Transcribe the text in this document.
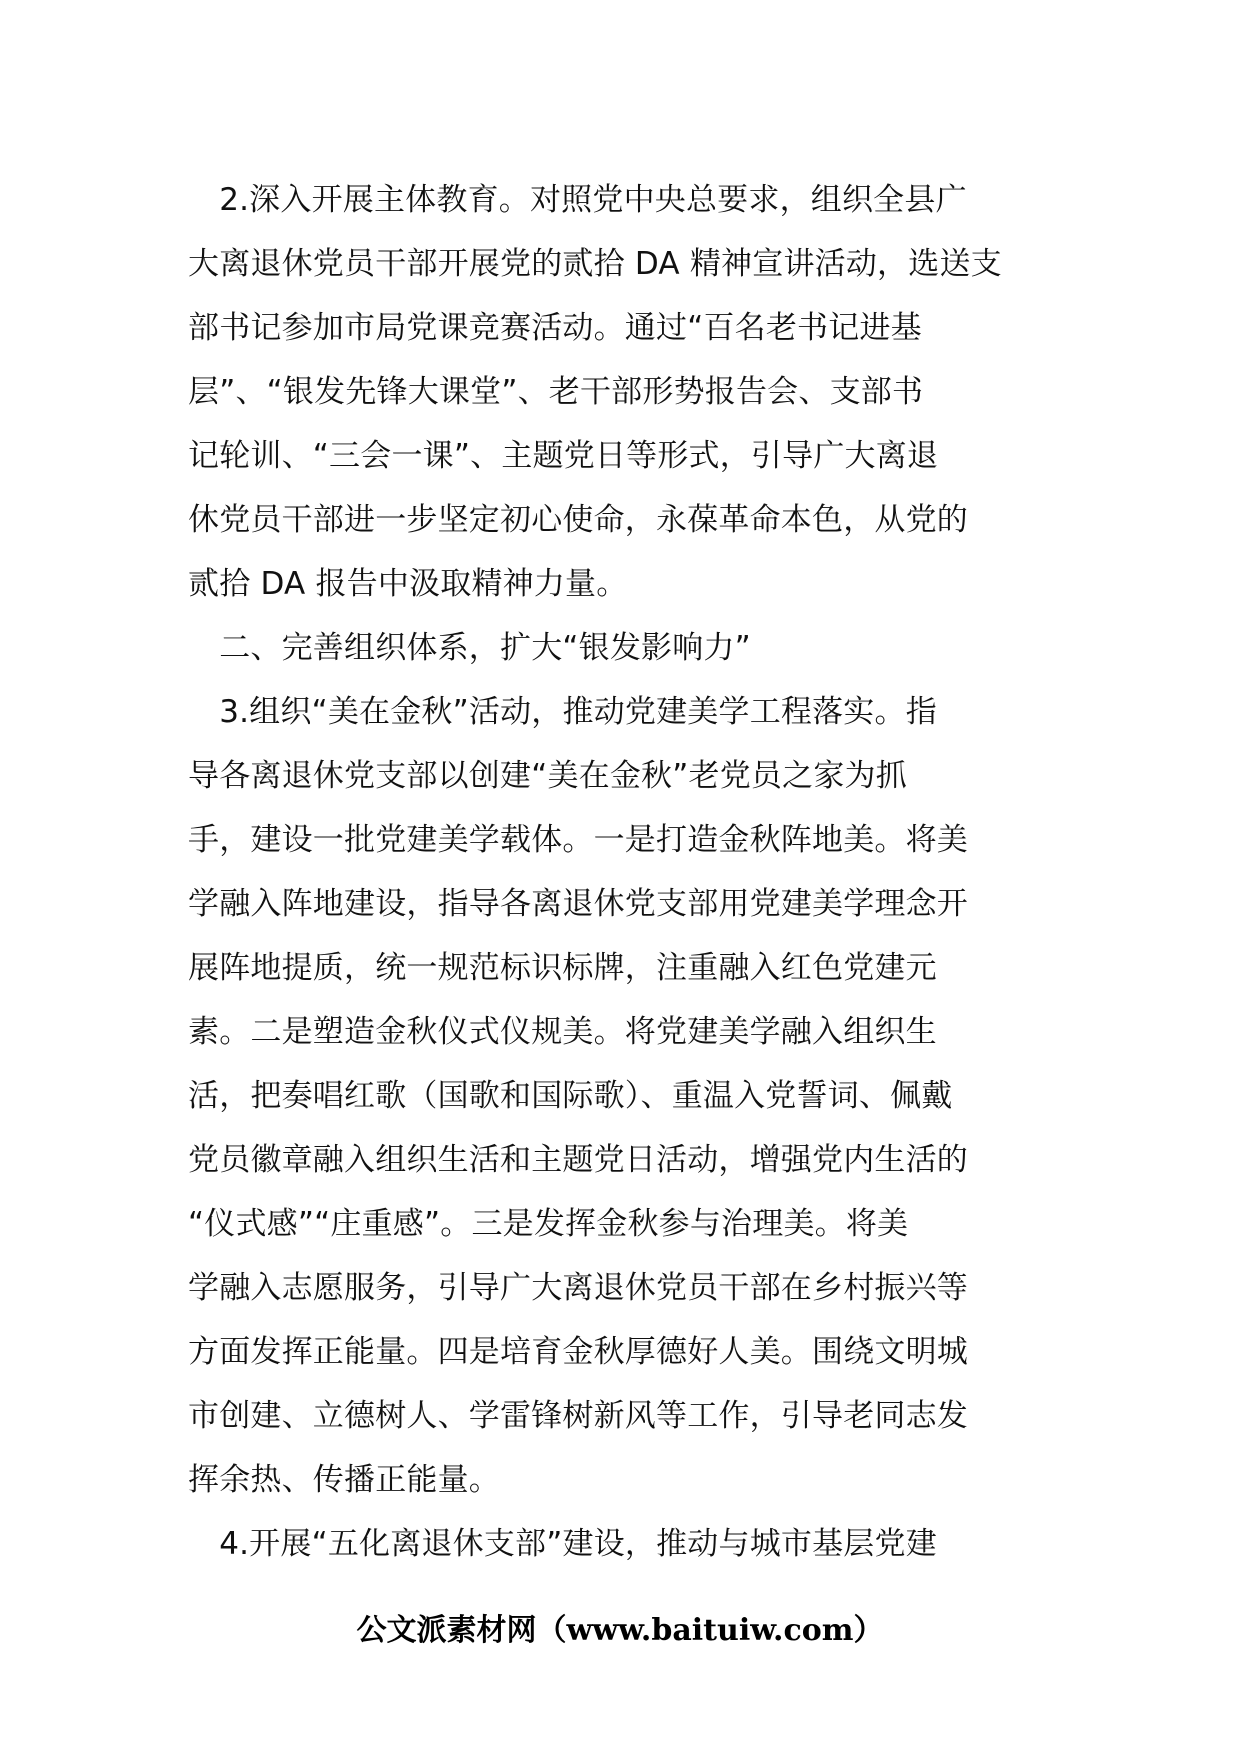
　2.深入开展主体教育。对照党中央总要求，组织全县广
大离退休党员干部开展党的贰拾 DA 精神宣讲活动，选送支
部书记参加市局党课竞赛活动。通过“百名老书记进基
层”、“银发先锋大课堂”、老干部形势报告会、支部书
记轮训、“三会一课”、主题党日等形式，引导广大离退
休党员干部进一步坚定初心使命，永葆革命本色，从党的
贰拾 DA 报告中汲取精神力量。
　二、完善组织体系，扩大“银发影响力”
　3.组织“美在金秋”活动，推动党建美学工程落实。指
导各离退休党支部以创建“美在金秋”老党员之家为抓
手，建设一批党建美学载体。一是打造金秋阵地美。将美
学融入阵地建设，指导各离退休党支部用党建美学理念开
展阵地提质，统一规范标识标牌，注重融入红色党建元
素。二是塑造金秋仪式仪规美。将党建美学融入组织生
活，把奏唱红歌（国歌和国际歌）、重温入党誓词、佩戴
党员徽章融入组织生活和主题党日活动，增强党内生活的
“仪式感”“庄重感”。三是发挥金秋参与治理美。将美
学融入志愿服务，引导广大离退休党员干部在乡村振兴等
方面发挥正能量。四是培育金秋厚德好人美。围绕文明城
市创建、立德树人、学雷锋树新风等工作，引导老同志发
挥余热、传播正能量。
　4.开展“五化离退休支部”建设，推动与城市基层党建
公文派素材网（www.baituiw.com）
